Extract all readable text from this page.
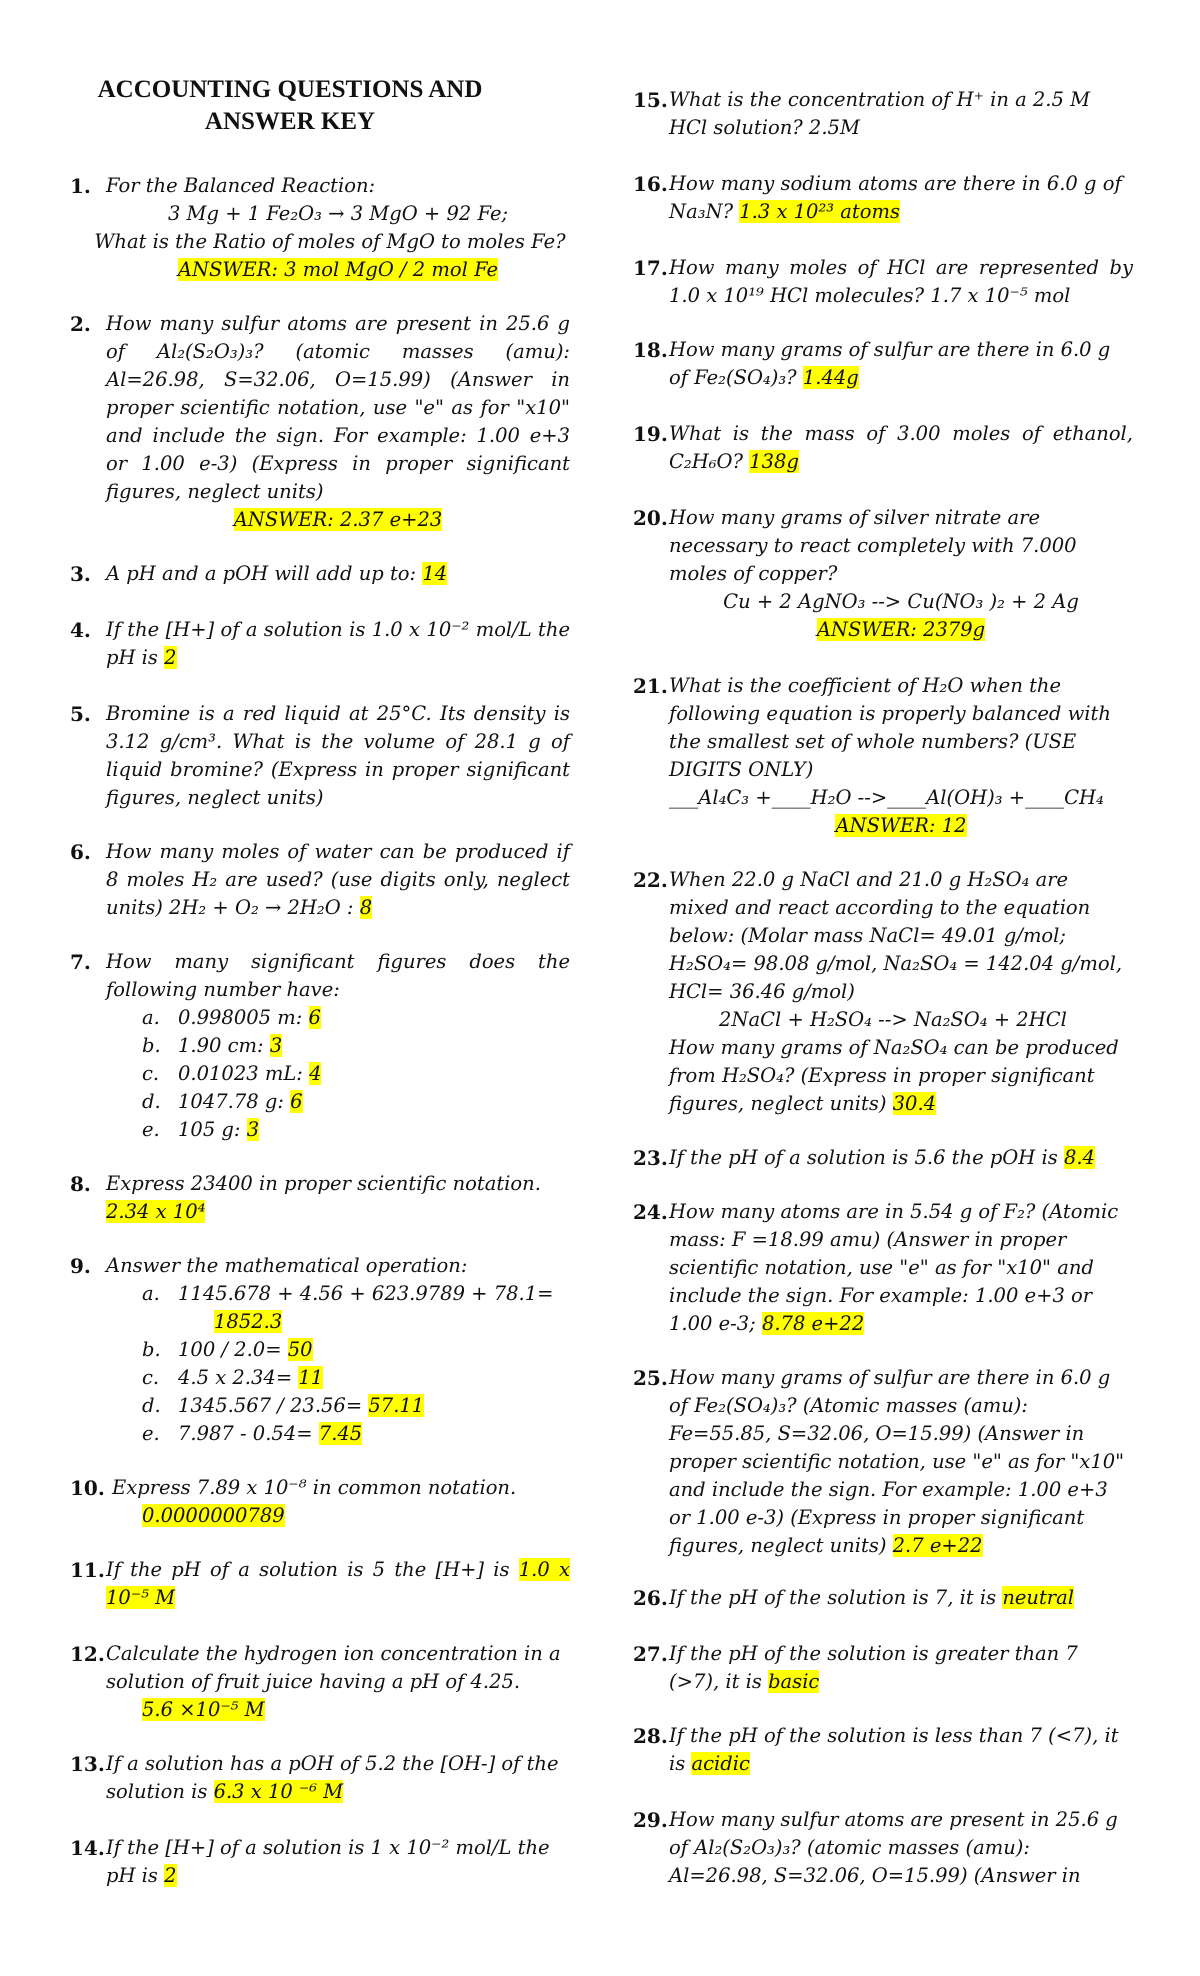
ACCOUNTING QUESTIONS AND ANSWER KEY
1. For the Balanced Reaction:
3 Mg + 1 Fe₂O₃ → 3 MgO + 92 Fe;
What is the Ratio of moles of MgO to moles Fe?
ANSWER: 3 mol MgO / 2 mol Fe
2. How many sulfur atoms are present in 25.6 g of Al₂(S₂O₃)₃? (atomic masses (amu): Al=26.98, S=32.06, O=15.99) (Answer in proper scientific notation, use "e" as for "x10" and include the sign. For example: 1.00 e+3 or 1.00 e-3) (Express in proper significant figures, neglect units)
ANSWER: 2.37 e+23
3. A pH and a pOH will add up to: 14
4. If the [H+] of a solution is 1.0 x 10⁻² mol/L the pH is 2
5. Bromine is a red liquid at 25°C. Its density is 3.12 g/cm³. What is the volume of 28.1 g of liquid bromine? (Express in proper significant figures, neglect units)
6. How many moles of water can be produced if 8 moles H₂ are used? (use digits only, neglect units) 2H₂ + O₂ → 2H₂O : 8
7. How many significant figures does the following number have:
a. 0.998005 m: 6
b. 1.90 cm: 3
c. 0.01023 mL: 4
d. 1047.78 g: 6
e. 105 g: 3
8. Express 23400 in proper scientific notation.
2.34 x 10⁴
9. Answer the mathematical operation:
a. 1145.678 + 4.56 + 623.9789 + 78.1=
1852.3
b. 100 / 2.0= 50
c. 4.5 x 2.34= 11
d. 1345.567 / 23.56= 57.11
e. 7.987 - 0.54= 7.45
10. Express 7.89 x 10⁻⁸ in common notation.
0.0000000789
11. If the pH of a solution is 5 the [H+] is 1.0 x 10⁻⁵ M
12. Calculate the hydrogen ion concentration in a solution of fruit juice having a pH of 4.25.
5.6 ×10⁻⁵ M
13. If a solution has a pOH of 5.2 the [OH-] of the solution is 6.3 x 10 ⁻⁶ M
14. If the [H+] of a solution is 1 x 10⁻² mol/L the pH is 2
15. What is the concentration of H⁺ in a 2.5 M HCl solution? 2.5M
16. How many sodium atoms are there in 6.0 g of Na₃N? 1.3 x 10²³ atoms
17. How many moles of HCl are represented by 1.0 x 10¹⁹ HCl molecules? 1.7 x 10⁻⁵ mol
18. How many grams of sulfur are there in 6.0 g of Fe₂(SO₄)₃? 1.44g
19. What is the mass of 3.00 moles of ethanol, C₂H₆O? 138g
20. How many grams of silver nitrate are necessary to react completely with 7.000 moles of copper?
Cu + 2 AgNO₃ --> Cu(NO₃ )₂ + 2 Ag
ANSWER: 2379g
21. What is the coefficient of H₂O when the following equation is properly balanced with the smallest set of whole numbers? (USE DIGITS ONLY)
___Al₄C₃ +____H₂O -->____Al(OH)₃ +____CH₄
ANSWER: 12
22. When 22.0 g NaCl and 21.0 g H₂SO₄ are mixed and react according to the equation below: (Molar mass NaCl= 49.01 g/mol; H₂SO₄= 98.08 g/mol, Na₂SO₄ = 142.04 g/mol, HCl= 36.46 g/mol)
2NaCl + H₂SO₄ --> Na₂SO₄ + 2HCl
How many grams of Na₂SO₄ can be produced from H₂SO₄? (Express in proper significant figures, neglect units) 30.4
23. If the pH of a solution is 5.6 the pOH is 8.4
24. How many atoms are in 5.54 g of F₂? (Atomic mass: F =18.99 amu) (Answer in proper scientific notation, use "e" as for "x10" and include the sign. For example: 1.00 e+3 or 1.00 e-3; 8.78 e+22
25. How many grams of sulfur are there in 6.0 g of Fe₂(SO₄)₃? (Atomic masses (amu): Fe=55.85, S=32.06, O=15.99) (Answer in proper scientific notation, use "e" as for "x10" and include the sign. For example: 1.00 e+3 or 1.00 e-3) (Express in proper significant figures, neglect units) 2.7 e+22
26. If the pH of the solution is 7, it is neutral
27. If the pH of the solution is greater than 7 (>7), it is basic
28. If the pH of the solution is less than 7 (<7), it is acidic
29. How many sulfur atoms are present in 25.6 g of Al₂(S₂O₃)₃? (atomic masses (amu): Al=26.98, S=32.06, O=15.99) (Answer in
